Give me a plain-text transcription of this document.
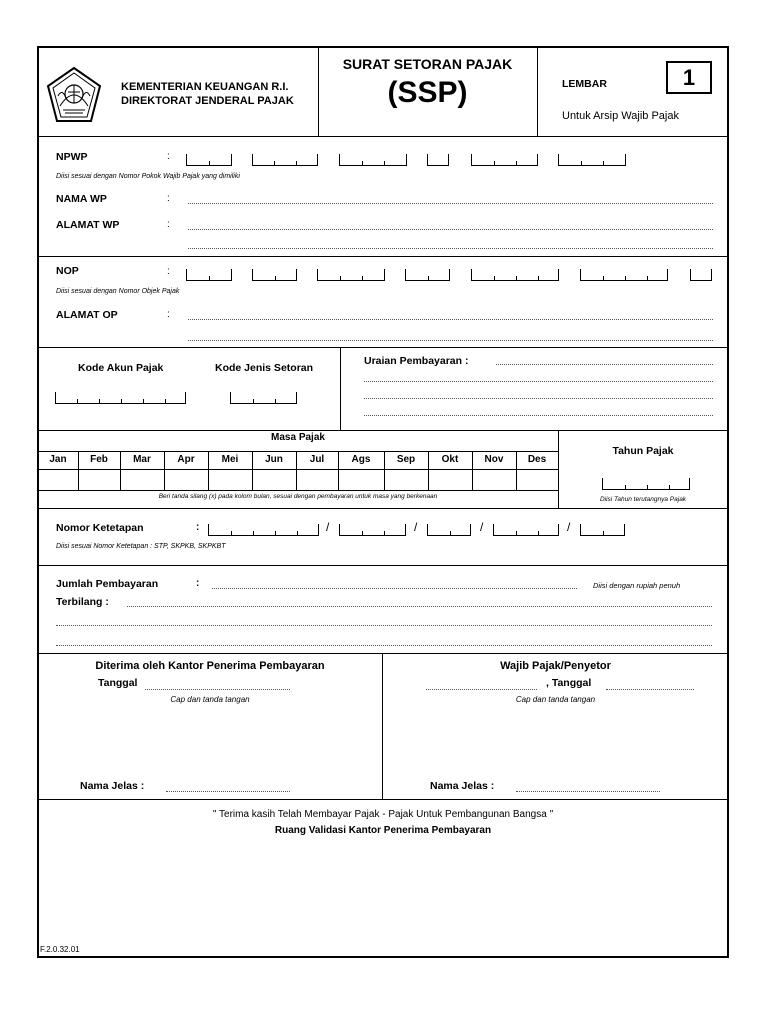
KEMENTERIAN KEUANGAN R.I.
DIREKTORAT JENDERAL PAJAK
SURAT SETORAN PAJAK
(SSP)	LEMBAR	1
Untuk Arsip Wajib Pajak
NPWP	:
Diisi sesuai dengan Nomor Pokok Wajib Pajak yang dimiliki
NAMA WP	:
ALAMAT WP	:
NOP	:
Diisi sesuai dengan Nomor Objek Pajak
ALAMAT OP	:
Kode Akun Pajak	Kode Jenis Setoran
Uraian Pembayaran :
Masa Pajak
Jan	Feb	Mar	Apr	Mei	Jun	Jul	Ags	Sep	Okt	Nov	Des
Beri tanda silang (x) pada kolom bulan, sesuai dengan pembayaran untuk masa yang berkenaan
Tahun Pajak
Diisi Tahun terutangnya Pajak
Nomor Ketetapan	:
Diisi sesuai Nomor Ketetapan : STP, SKPKB, SKPKBT
/	/	/	/
Jumlah Pembayaran	:	Diisi dengan rupiah penuh
Terbilang :
Diterima oleh Kantor Penerima Pembayaran
Tanggal
Cap dan tanda tangan
Nama Jelas :
Wajib Pajak/Penyetor
, Tanggal
Cap dan tanda tangan
Nama Jelas :
" Terima kasih Telah Membayar Pajak - Pajak Untuk Pembangunan Bangsa "
Ruang Validasi Kantor Penerima Pembayaran
F.2.0.32.01
